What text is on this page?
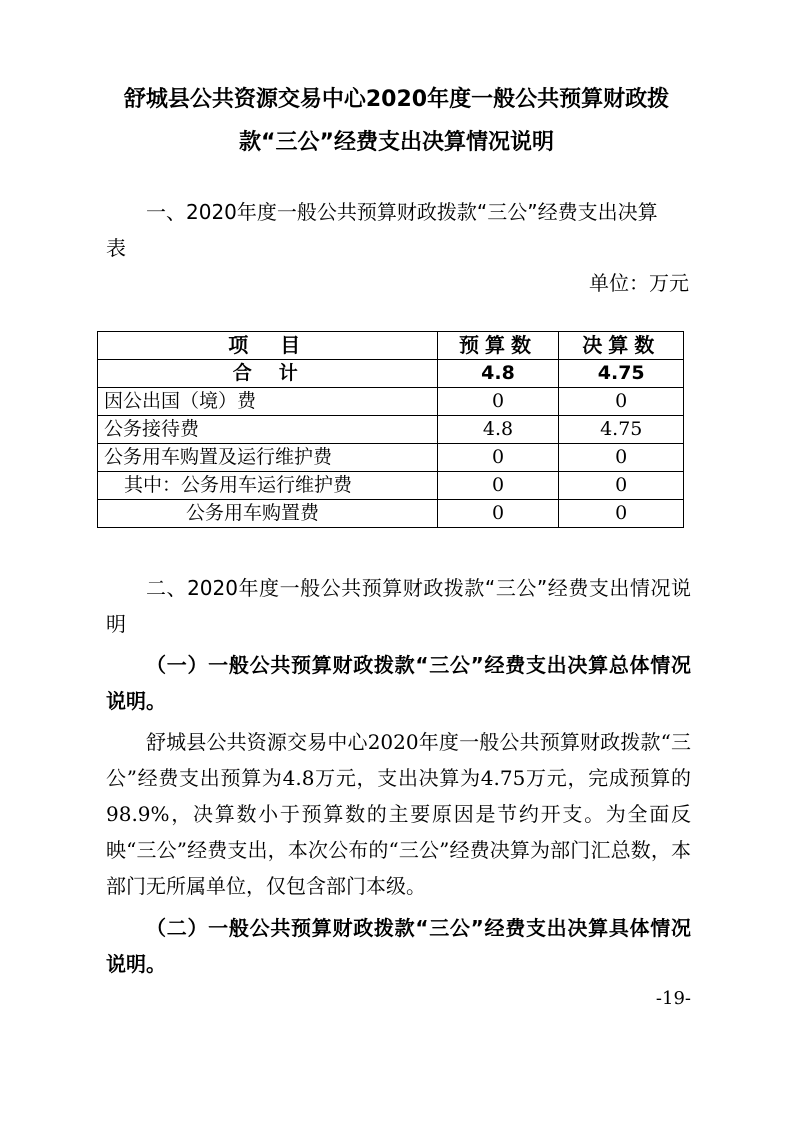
舒城县公共资源交易中心2020年度一般公共预算财政拨
款“三公”经费支出决算情况说明
一、2020年度一般公共预算财政拨款“三公”经费支出决算
表
单位：万元
项　目	预算数	决算数
合　计	4.8	4.75
因公出国（境）费	0	0
公务接待费	4.8	4.75
公务用车购置及运行维护费	0	0
其中：公务用车运行维护费	0	0
公务用车购置费	0	0
二、2020年度一般公共预算财政拨款“三公”经费支出情况说明
（一）一般公共预算财政拨款“三公”经费支出决算总体情况说明。
舒城县公共资源交易中心2020年度一般公共预算财政拨款“三公”经费支出预算为4.8万元，支出决算为4.75万元，完成预算的98.9%，决算数小于预算数的主要原因是节约开支。为全面反映“三公”经费支出，本次公布的“三公”经费决算为部门汇总数，本部门无所属单位，仅包含部门本级。
（二）一般公共预算财政拨款“三公”经费支出决算具体情况说明。
-19-
